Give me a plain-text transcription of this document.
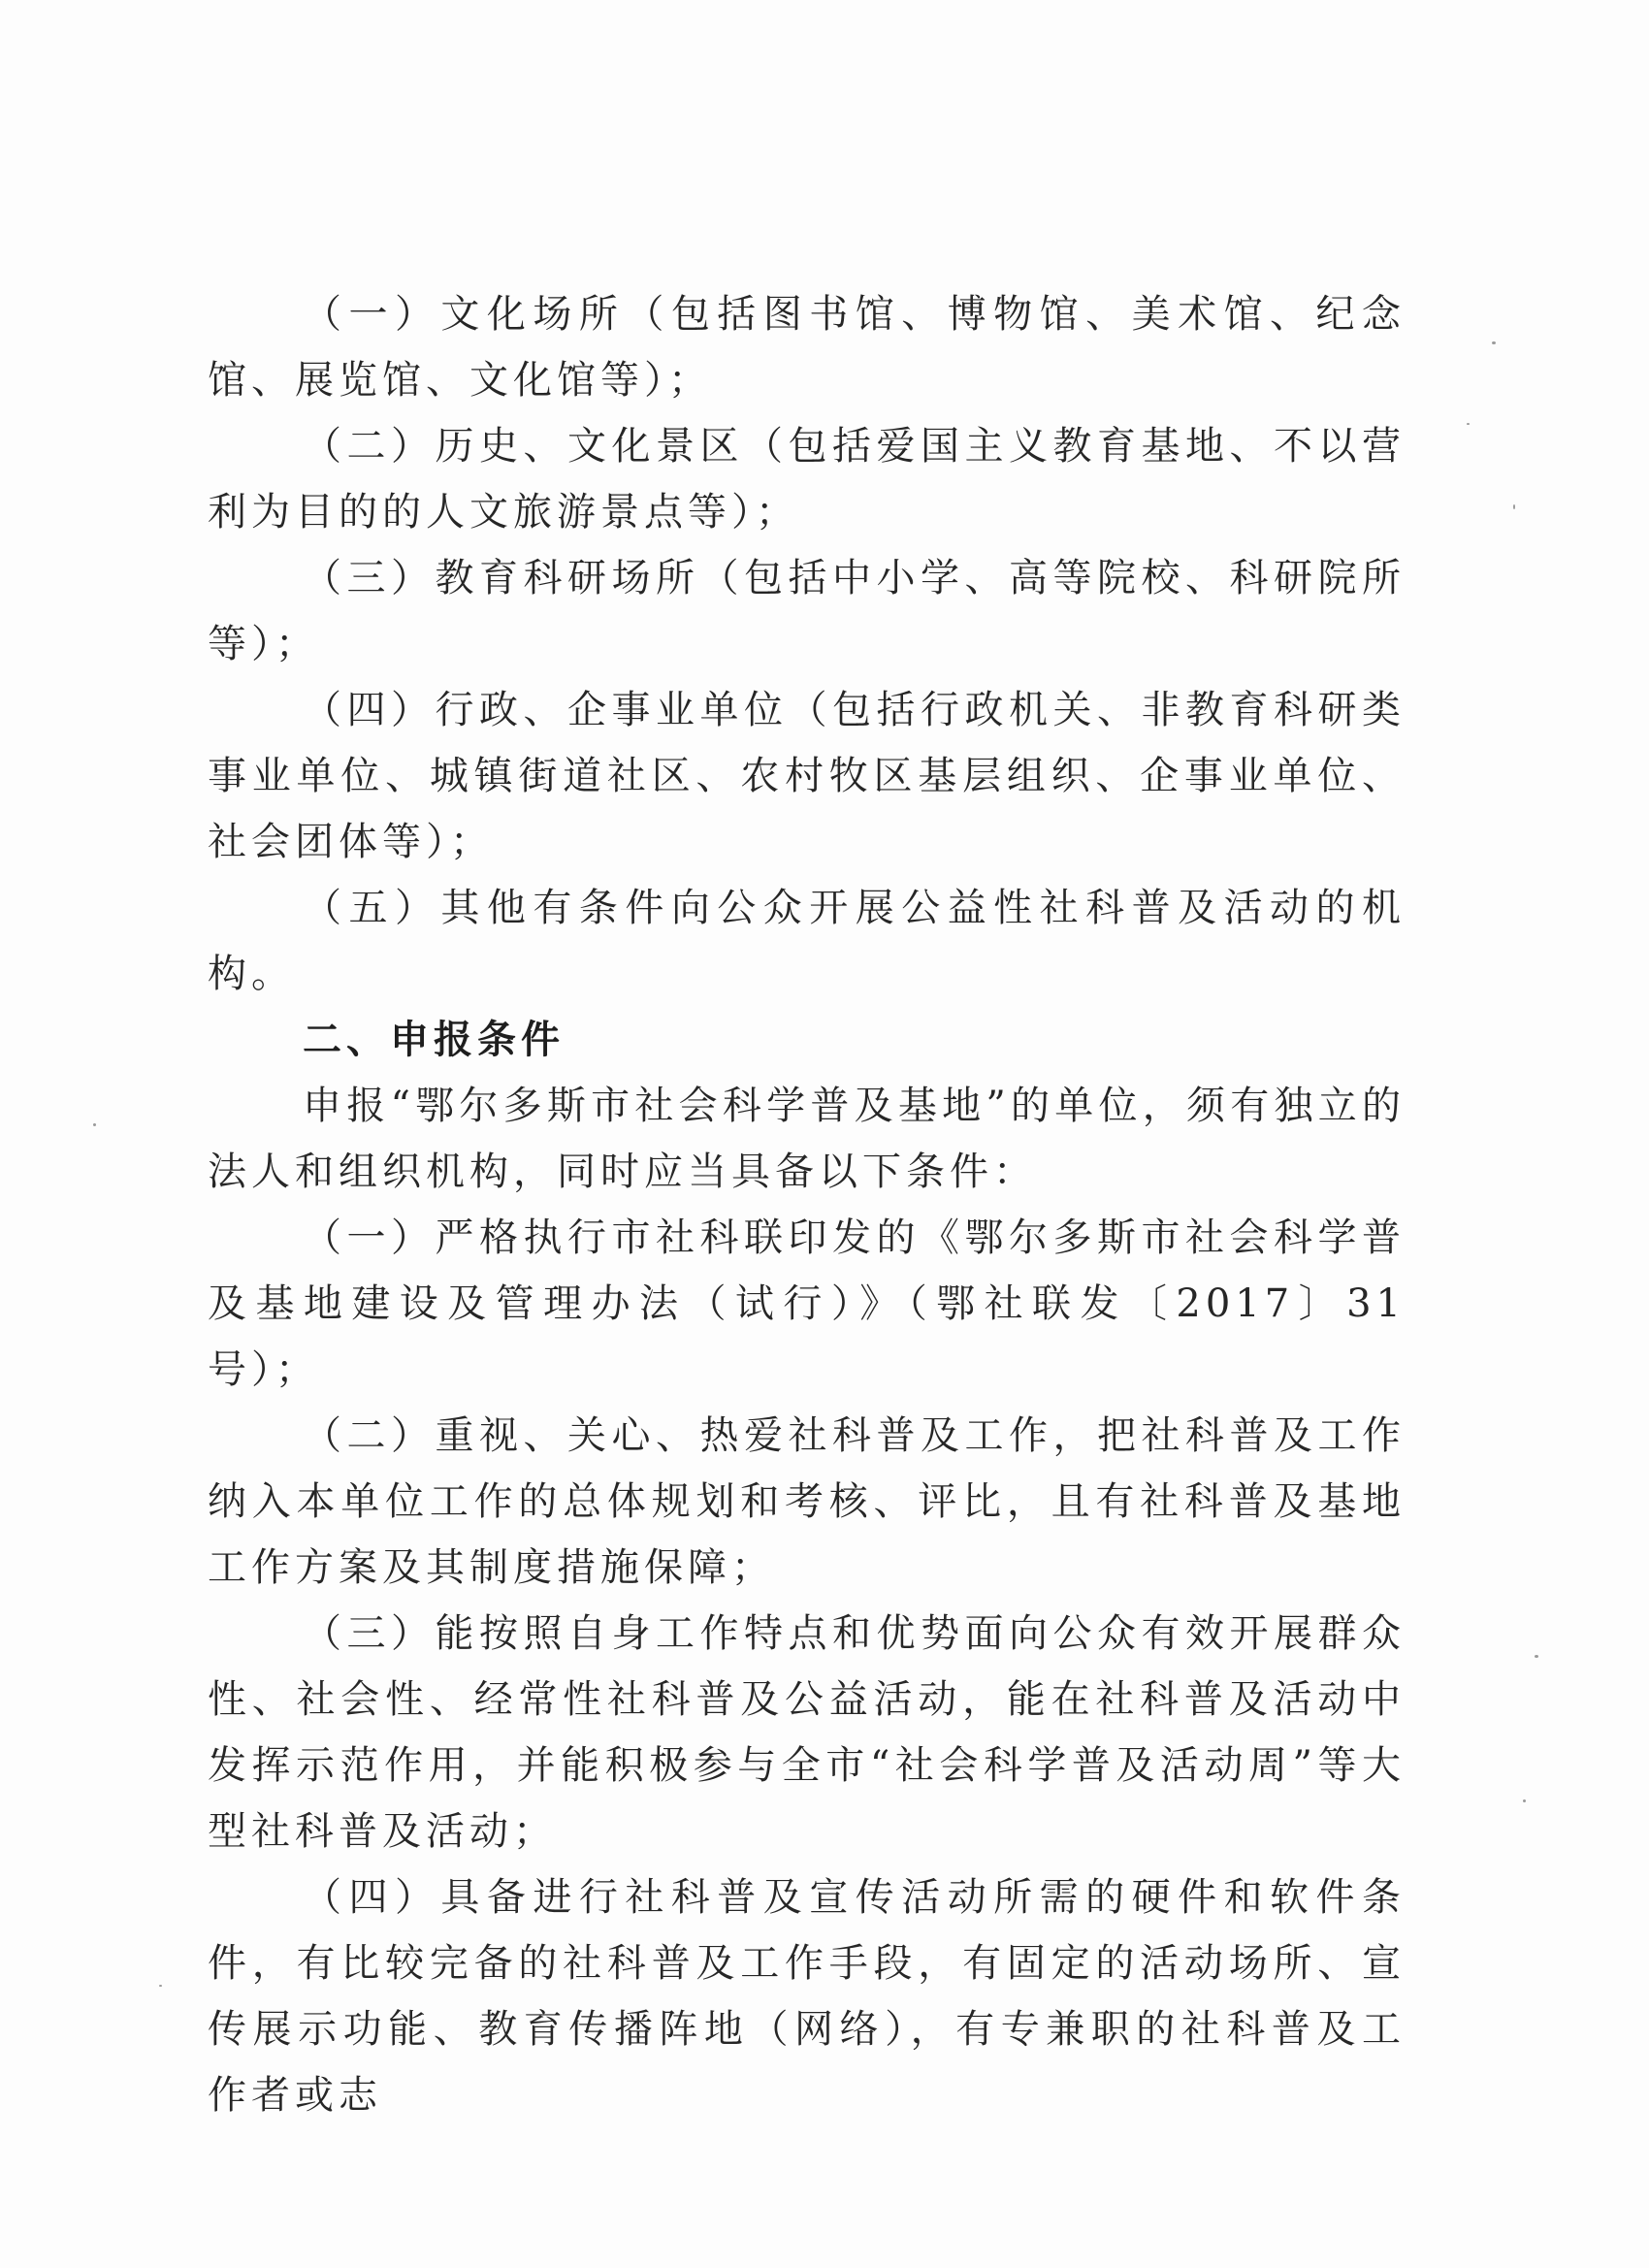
（一）文化场所（包括图书馆、博物馆、美术馆、纪念馆、展览馆、文化馆等）；

（二）历史、文化景区（包括爱国主义教育基地、不以营利为目的的人文旅游景点等）；

（三）教育科研场所（包括中小学、高等院校、科研院所等）；

（四）行政、企事业单位（包括行政机关、非教育科研类事业单位、城镇街道社区、农村牧区基层组织、企事业单位、社会团体等）；

（五）其他有条件向公众开展公益性社科普及活动的机构。

二、申报条件

申报“鄂尔多斯市社会科学普及基地”的单位，须有独立的法人和组织机构，同时应当具备以下条件：

（一）严格执行市社科联印发的《鄂尔多斯市社会科学普及基地建设及管理办法（试行）》（鄂社联发〔2017〕31号）；

（二）重视、关心、热爱社科普及工作，把社科普及工作纳入本单位工作的总体规划和考核、评比，且有社科普及基地工作方案及其制度措施保障；

（三）能按照自身工作特点和优势面向公众有效开展群众性、社会性、经常性社科普及公益活动，能在社科普及活动中发挥示范作用，并能积极参与全市“社会科学普及活动周”等大型社科普及活动；

（四）具备进行社科普及宣传活动所需的硬件和软件条件，有比较完备的社科普及工作手段，有固定的活动场所、宣传展示功能、教育传播阵地（网络），有专兼职的社科普及工作者或志
